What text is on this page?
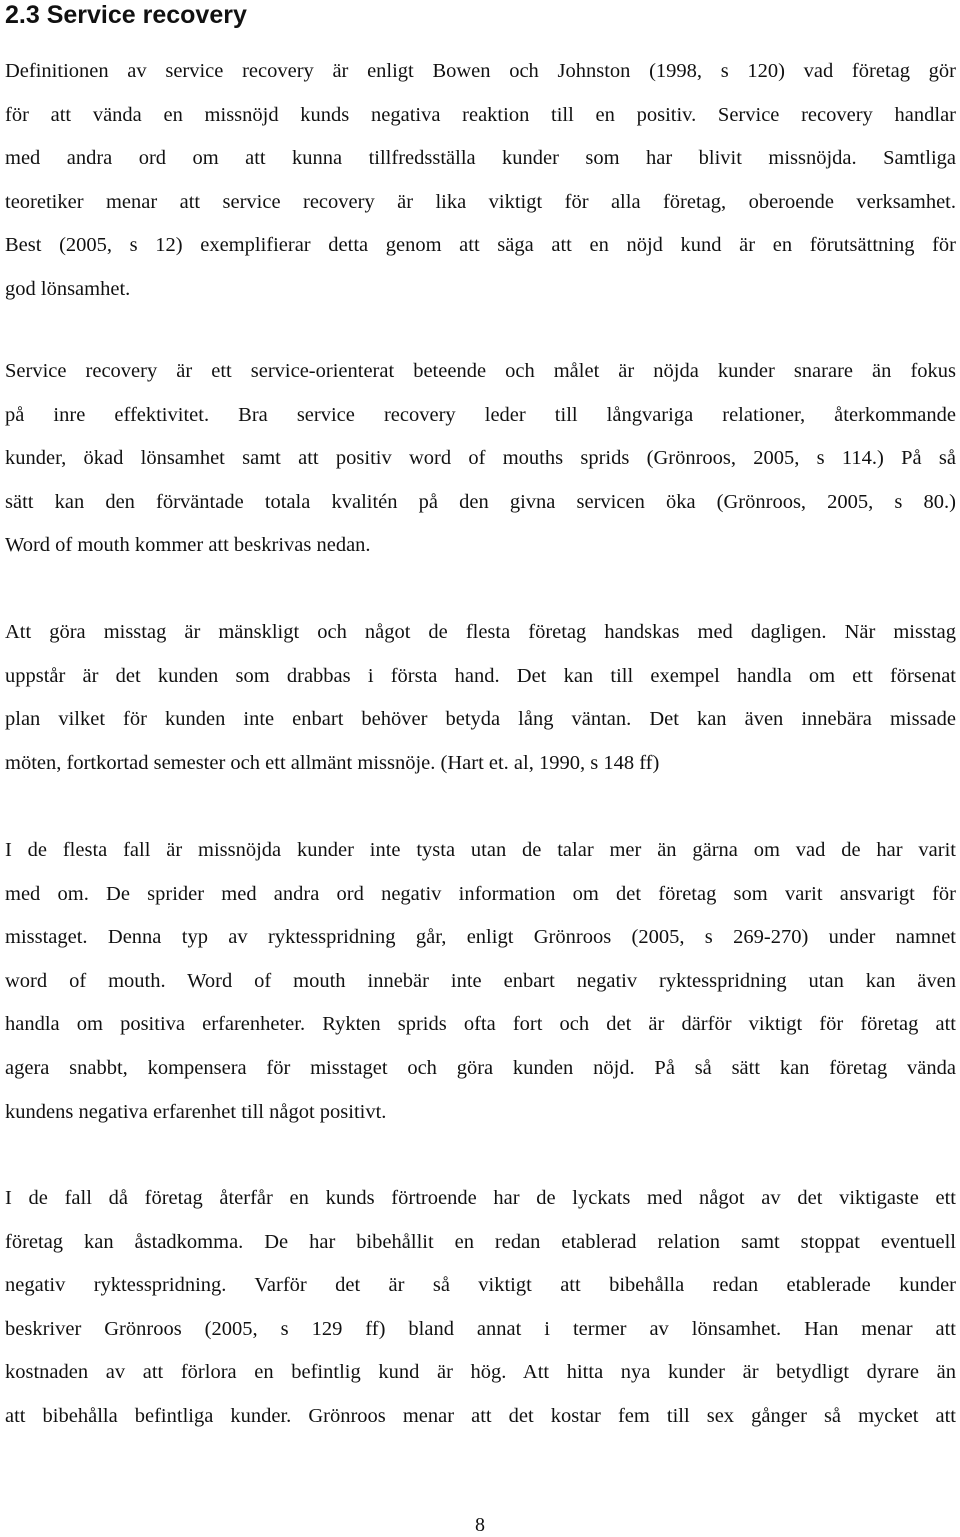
2.3 Service recovery

Definitionen av service recovery är enligt Bowen och Johnston (1998, s 120) vad företag gör
för att vända en missnöjd kunds negativa reaktion till en positiv. Service recovery handlar
med andra ord om att kunna tillfredsställa kunder som har blivit missnöjda. Samtliga
teoretiker menar att service recovery är lika viktigt för alla företag, oberoende verksamhet.
Best (2005, s 12) exemplifierar detta genom att säga att en nöjd kund är en förutsättning för
god lönsamhet.

Service recovery är ett service-orienterat beteende och målet är nöjda kunder snarare än fokus
på inre effektivitet. Bra service recovery leder till långvariga relationer, återkommande
kunder, ökad lönsamhet samt att positiv word of mouths sprids (Grönroos, 2005, s 114.) På så
sätt kan den förväntade totala kvalitén på den givna servicen öka (Grönroos, 2005, s 80.)
Word of mouth kommer att beskrivas nedan.

Att göra misstag är mänskligt och något de flesta företag handskas med dagligen. När misstag
uppstår är det kunden som drabbas i första hand. Det kan till exempel handla om ett försenat
plan vilket för kunden inte enbart behöver betyda lång väntan. Det kan även innebära missade
möten, fortkortad semester och ett allmänt missnöje. (Hart et. al, 1990, s 148 ff)

I de flesta fall är missnöjda kunder inte tysta utan de talar mer än gärna om vad de har varit
med om. De sprider med andra ord negativ information om det företag som varit ansvarigt för
misstaget. Denna typ av ryktesspridning går, enligt Grönroos (2005, s 269-270) under namnet
word of mouth. Word of mouth innebär inte enbart negativ ryktesspridning utan kan även
handla om positiva erfarenheter. Rykten sprids ofta fort och det är därför viktigt för företag att
agera snabbt, kompensera för misstaget och göra kunden nöjd. På så sätt kan företag vända
kundens negativa erfarenhet till något positivt.

I de fall då företag återfår en kunds förtroende har de lyckats med något av det viktigaste ett
företag kan åstadkomma. De har bibehållit en redan etablerad relation samt stoppat eventuell
negativ ryktesspridning. Varför det är så viktigt att bibehålla redan etablerade kunder
beskriver Grönroos (2005, s 129 ff) bland annat i termer av lönsamhet. Han menar att
kostnaden av att förlora en befintlig kund är hög. Att hitta nya kunder är betydligt dyrare än
att bibehålla befintliga kunder. Grönroos menar att det kostar fem till sex gånger så mycket att

8
